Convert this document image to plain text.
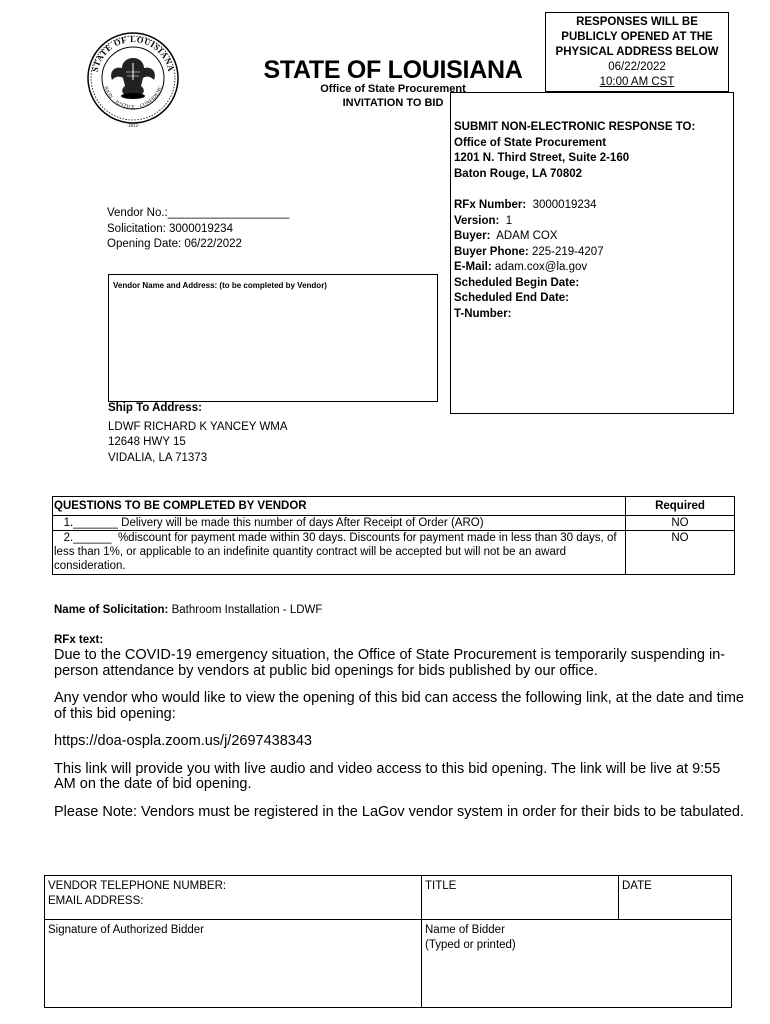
STATE OF LOUISIANA
NION · JUSTICE · CONFIDENC
·1812·
STATE OF LOUISIANA
Office of State Procurement
INVITATION TO BID
RESPONSES WILL BE
PUBLICLY OPENED AT THE
PHYSICAL ADDRESS BELOW
06/22/2022
10:00 AM CST
SUBMIT NON-ELECTRONIC RESPONSE TO:
Office of State Procurement
1201 N. Third Street, Suite 2-160
Baton Rouge, LA 70802
RFx Number: 3000019234
Version: 1
Buyer: ADAM COX
Buyer Phone: 225-219-4207
E-Mail: adam.cox@la.gov
Scheduled Begin Date:
Scheduled End Date:
T-Number:
Vendor No.:___________________
Solicitation: 3000019234
Opening Date: 06/22/2022
Vendor Name and Address: (to be completed by Vendor)
Ship To Address:
LDWF RICHARD K YANCEY WMA
12648 HWY 15
VIDALIA, LA 71373
QUESTIONS TO BE COMPLETED BY VENDOR	Required
1._______ Delivery will be made this number of days After Receipt of Order (ARO)	NO
2.______  %discount for payment made within 30 days. Discounts for payment made in less than 30 days, of less than 1%, or applicable to an indefinite quantity contract will be accepted but will not be an award consideration.	NO
Name of Solicitation: Bathroom Installation - LDWF
RFx text:

Due to the COVID-19 emergency situation, the Office of State Procurement is temporarily suspending in-person attendance by vendors at public bid openings for bids published by our office.

Any vendor who would like to view the opening of this bid can access the following link, at the date and time of this bid opening:

https://doa-ospla.zoom.us/j/2697438343

This link will provide you with live audio and video access to this bid opening. The link will be live at 9:55 AM on the date of bid opening.

Please Note: Vendors must be registered in the LaGov vendor system in order for their bids to be tabulated.

VENDOR TELEPHONE NUMBER:
EMAIL ADDRESS:	TITLE	DATE

Signature of Authorized Bidder	Name of Bidder
(Typed or printed)	
